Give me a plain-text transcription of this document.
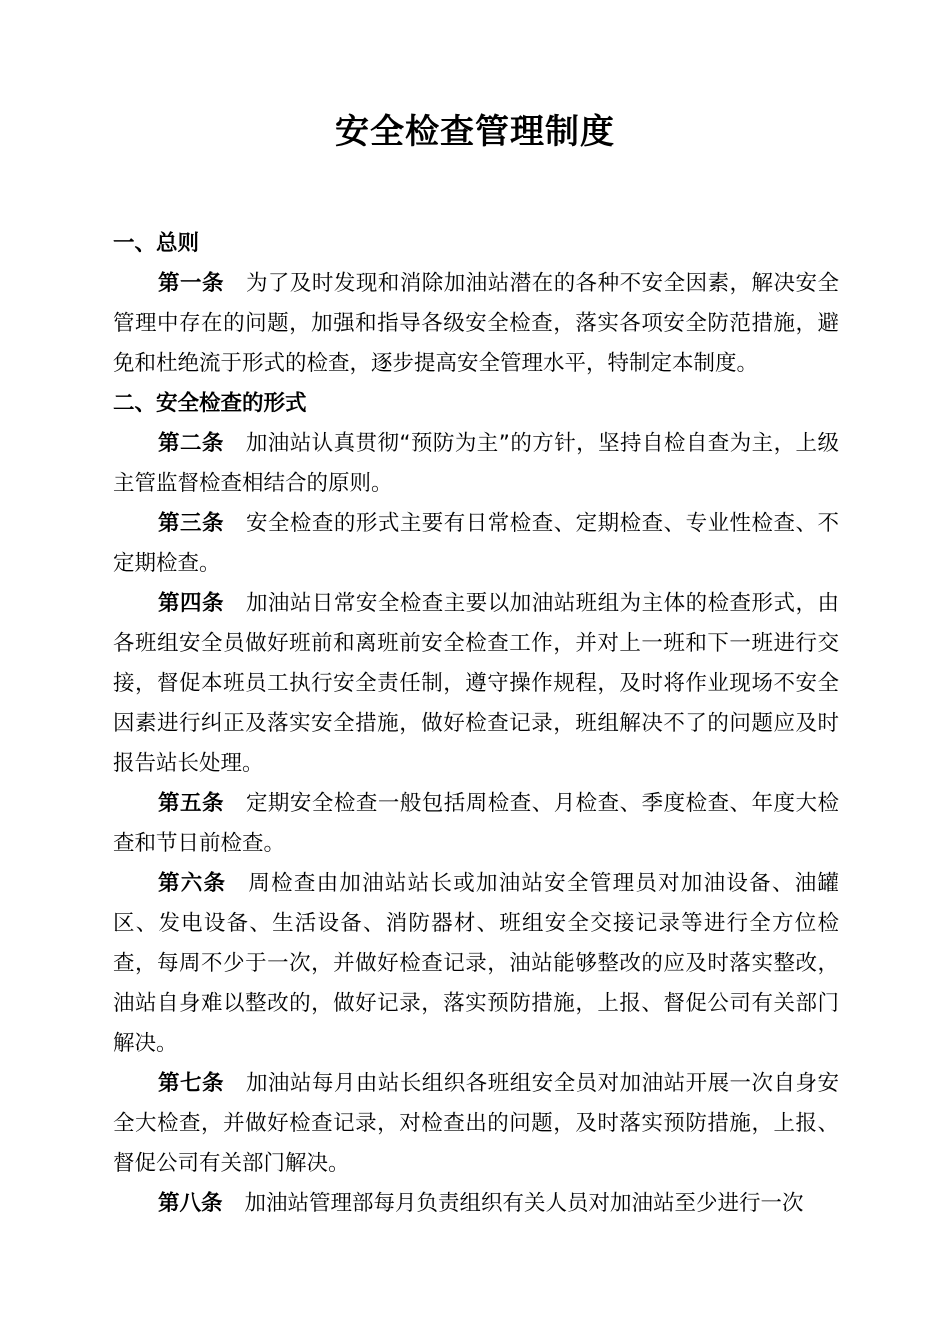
安全检查管理制度
一、总则

第一条 为了及时发现和消除加油站潜在的各种不安全因素，解决安全管理中存在的问题，加强和指导各级安全检查，落实各项安全防范措施，避免和杜绝流于形式的检查，逐步提高安全管理水平，特制定本制度。

二、安全检查的形式

第二条 加油站认真贯彻“预防为主”的方针，坚持自检自查为主，上级主管监督检查相结合的原则。

第三条 安全检查的形式主要有日常检查、定期检查、专业性检查、不定期检查。

第四条 加油站日常安全检查主要以加油站班组为主体的检查形式，由各班组安全员做好班前和离班前安全检查工作，并对上一班和下一班进行交接，督促本班员工执行安全责任制，遵守操作规程，及时将作业现场不安全因素进行纠正及落实安全措施，做好检查记录，班组解决不了的问题应及时报告站长处理。

第五条 定期安全检查一般包括周检查、月检查、季度检查、年度大检查和节日前检查。

第六条 周检查由加油站站长或加油站安全管理员对加油设备、油罐区、发电设备、生活设备、消防器材、班组安全交接记录等进行全方位检查，每周不少于一次，并做好检查记录，油站能够整改的应及时落实整改，油站自身难以整改的，做好记录，落实预防措施，上报、督促公司有关部门解决。

第七条 加油站每月由站长组织各班组安全员对加油站开展一次自身安全大检查，并做好检查记录，对检查出的问题，及时落实预防措施，上报、督促公司有关部门解决。

第八条 加油站管理部每月负责组织有关人员对加油站至少进行一次
